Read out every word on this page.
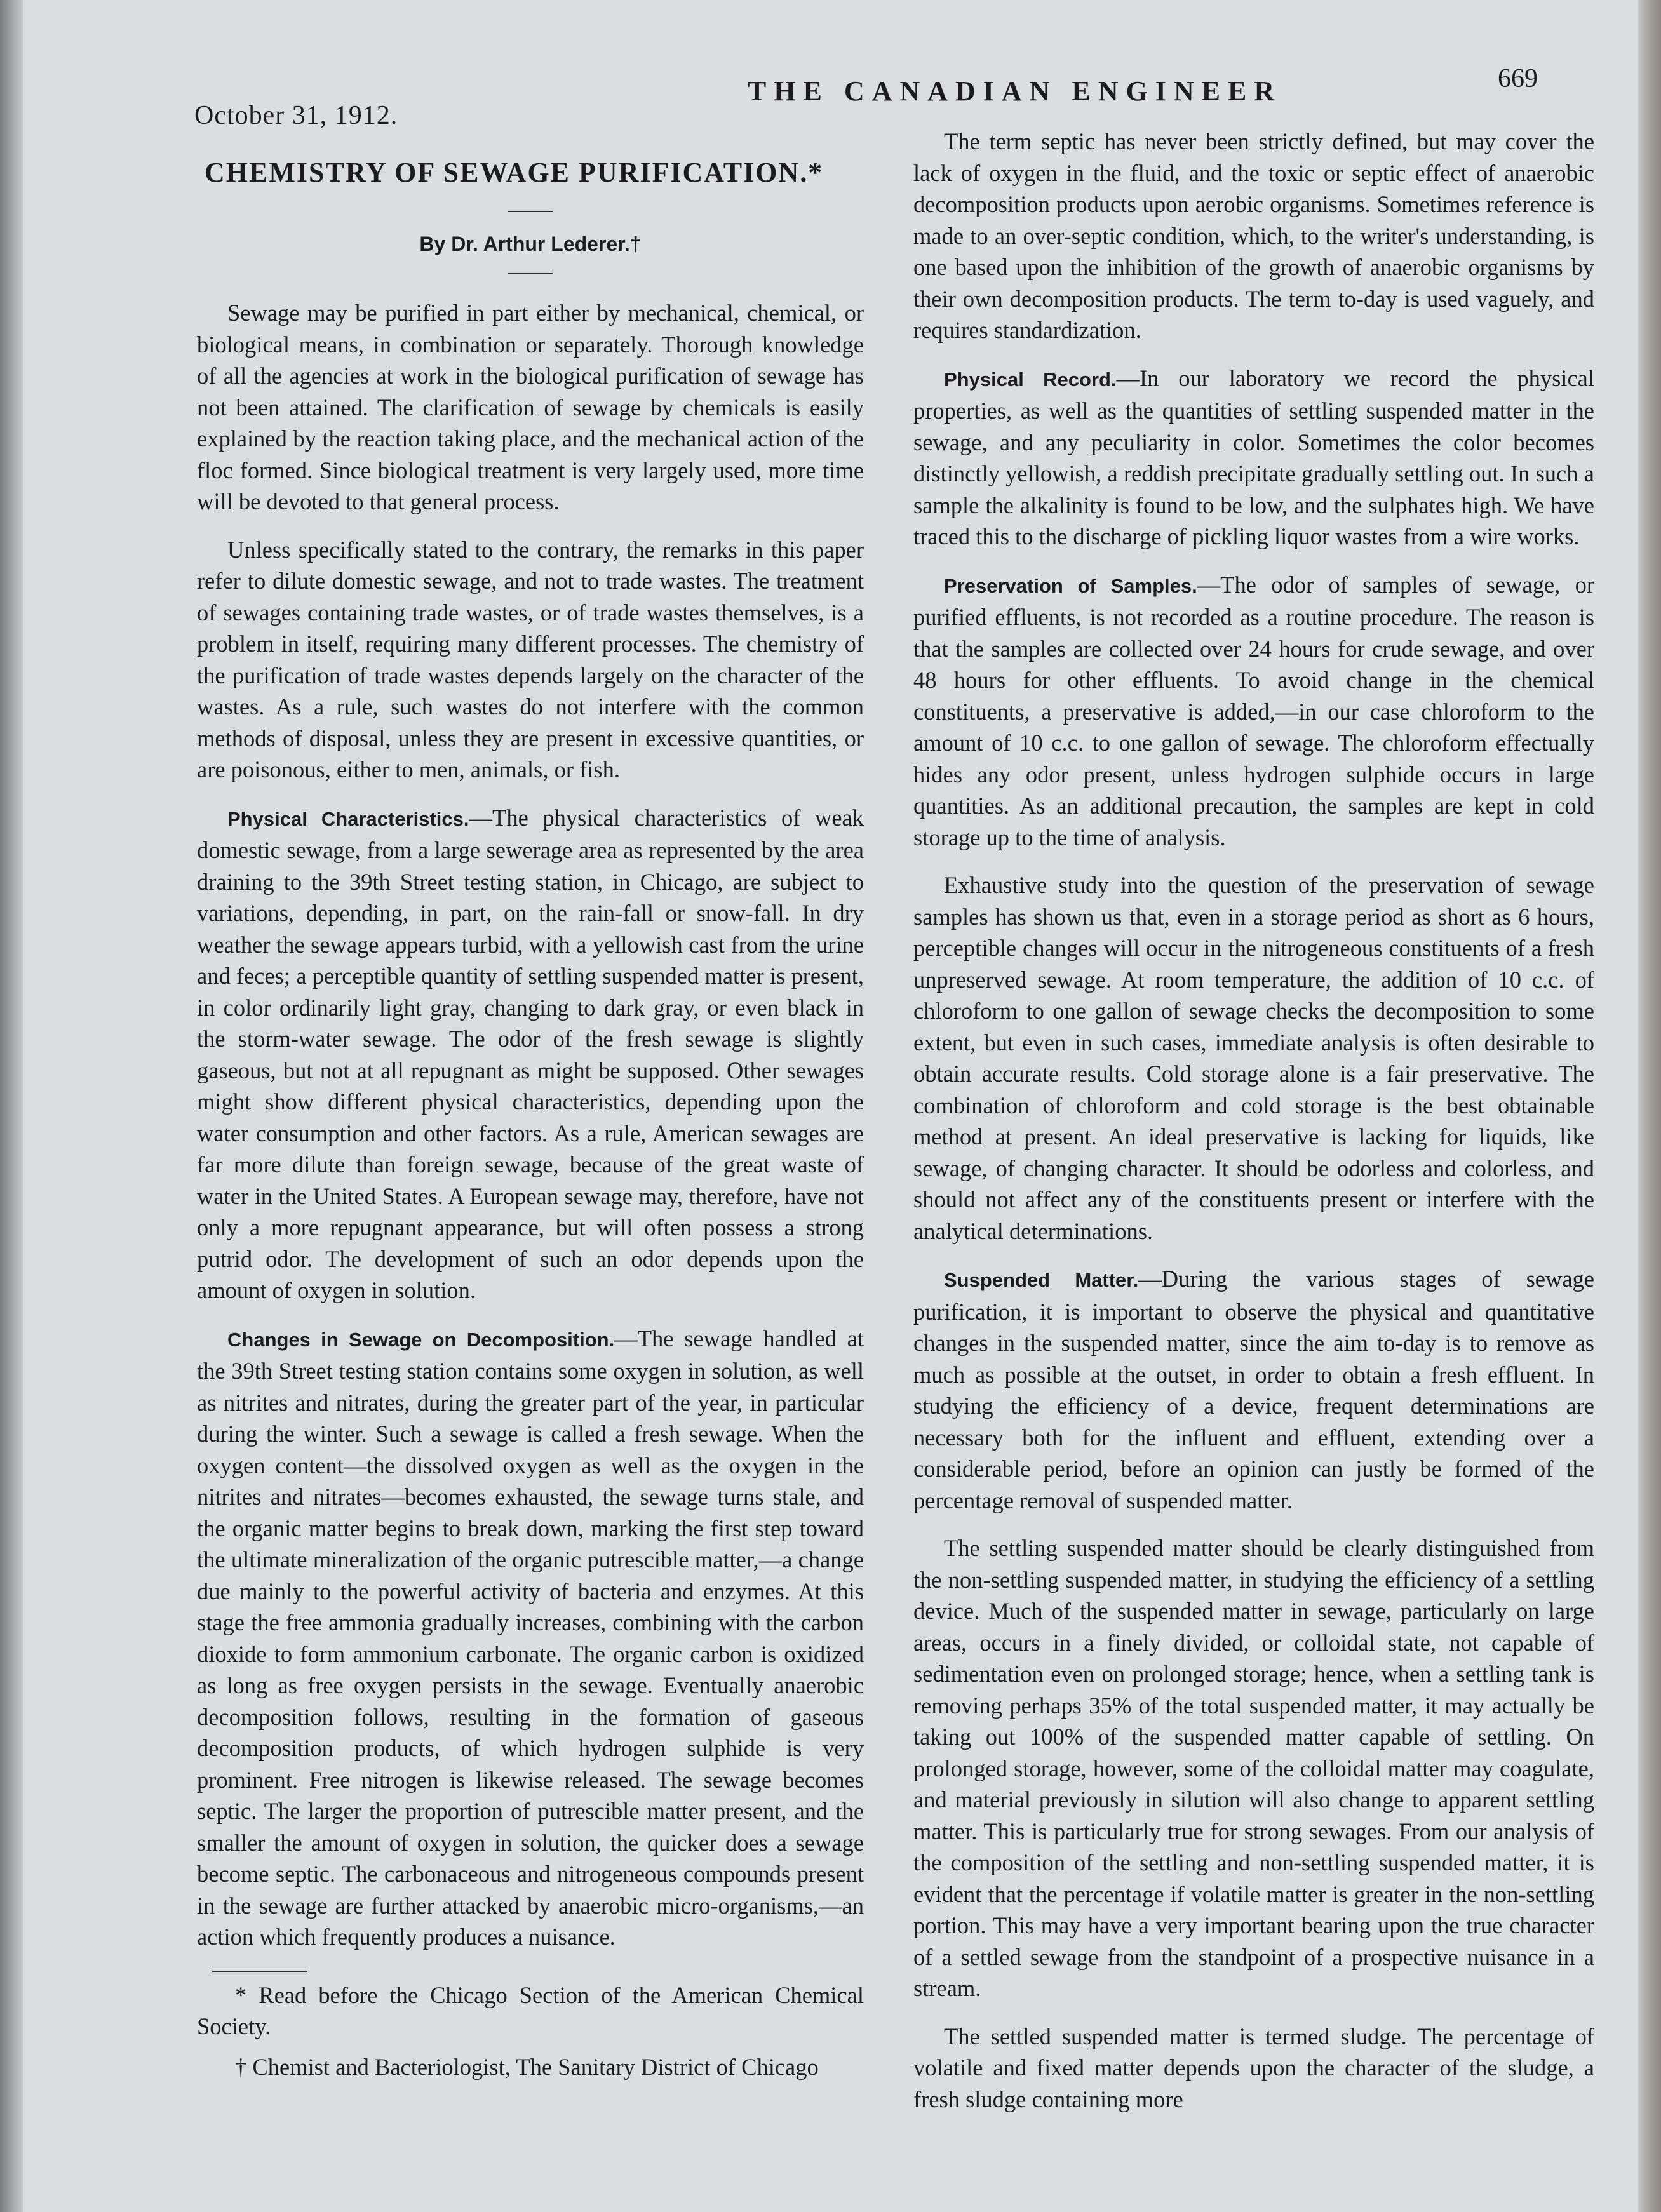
October 31, 1912.
THE CANADIAN ENGINEER	669
CHEMISTRY OF SEWAGE PURIFICATION.*
By Dr. Arthur Lederer.†

Sewage may be purified in part either by mechanical, chemical, or biological means, in combination or separately. Thorough knowledge of all the agencies at work in the biological purification of sewage has not been attained. The clarification of sewage by chemicals is easily explained by the reaction taking place, and the mechanical action of the floc formed. Since biological treatment is very largely used, more time will be devoted to that general process.

Unless specifically stated to the contrary, the remarks in this paper refer to dilute domestic sewage, and not to trade wastes. The treatment of sewages containing trade wastes, or of trade wastes themselves, is a problem in itself, requiring many different processes. The chemistry of the purification of trade wastes depends largely on the character of the wastes. As a rule, such wastes do not interfere with the common methods of disposal, unless they are present in excessive quantities, or are poisonous, either to men, animals, or fish.

Physical Characteristics.—The physical characteristics of weak domestic sewage, from a large sewerage area as represented by the area draining to the 39th Street testing station, in Chicago, are subject to variations, depending, in part, on the rain-fall or snow-fall. In dry weather the sewage appears turbid, with a yellowish cast from the urine and feces; a perceptible quantity of settling suspended matter is present, in color ordinarily light gray, changing to dark gray, or even black in the storm-water sewage. The odor of the fresh sewage is slightly gaseous, but not at all repugnant as might be supposed. Other sewages might show different physical characteristics, depending upon the water consumption and other factors. As a rule, American sewages are far more dilute than foreign sewage, because of the great waste of water in the United States. A European sewage may, therefore, have not only a more repugnant appearance, but will often possess a strong putrid odor. The development of such an odor depends upon the amount of oxygen in solution.

Changes in Sewage on Decomposition.—The sewage handled at the 39th Street testing station contains some oxygen in solution, as well as nitrites and nitrates, during the greater part of the year, in particular during the winter. Such a sewage is called a fresh sewage. When the oxygen content—the dissolved oxygen as well as the oxygen in the nitrites and nitrates—becomes exhausted, the sewage turns stale, and the organic matter begins to break down, marking the first step toward the ultimate mineralization of the organic putrescible matter,—a change due mainly to the powerful activity of bacteria and enzymes. At this stage the free ammonia gradually increases, combining with the carbon dioxide to form ammonium carbonate. The organic carbon is oxidized as long as free oxygen persists in the sewage. Eventually anaerobic decomposition follows, resulting in the formation of gaseous decomposition products, of which hydrogen sulphide is very prominent. Free nitrogen is likewise released. The sewage becomes septic. The larger the proportion of putrescible matter present, and the smaller the amount of oxygen in solution, the quicker does a sewage become septic. The carbonaceous and nitrogeneous compounds present in the sewage are further attacked by anaerobic micro-organisms,—an action which frequently produces a nuisance.

* Read before the Chicago Section of the American Chemical Society.

† Chemist and Bacteriologist, The Sanitary District of Chicago

The term septic has never been strictly defined, but may cover the lack of oxygen in the fluid, and the toxic or septic effect of anaerobic decomposition products upon aerobic organisms. Sometimes reference is made to an over-septic condition, which, to the writer's understanding, is one based upon the inhibition of the growth of anaerobic organisms by their own decomposition products. The term to-day is used vaguely, and requires standardization.

Physical Record.—In our laboratory we record the physical properties, as well as the quantities of settling suspended matter in the sewage, and any peculiarity in color. Sometimes the color becomes distinctly yellowish, a reddish precipitate gradually settling out. In such a sample the alkalinity is found to be low, and the sulphates high. We have traced this to the discharge of pickling liquor wastes from a wire works.

Preservation of Samples.—The odor of samples of sewage, or purified effluents, is not recorded as a routine procedure. The reason is that the samples are collected over 24 hours for crude sewage, and over 48 hours for other effluents. To avoid change in the chemical constituents, a preservative is added,—in our case chloroform to the amount of 10 c.c. to one gallon of sewage. The chloroform effectually hides any odor present, unless hydrogen sulphide occurs in large quantities. As an additional precaution, the samples are kept in cold storage up to the time of analysis.

Exhaustive study into the question of the preservation of sewage samples has shown us that, even in a storage period as short as 6 hours, perceptible changes will occur in the nitrogeneous constituents of a fresh unpreserved sewage. At room temperature, the addition of 10 c.c. of chloroform to one gallon of sewage checks the decomposition to some extent, but even in such cases, immediate analysis is often desirable to obtain accurate results. Cold storage alone is a fair preservative. The combination of chloroform and cold storage is the best obtainable method at present. An ideal preservative is lacking for liquids, like sewage, of changing character. It should be odorless and colorless, and should not affect any of the constituents present or interfere with the analytical determinations.

Suspended Matter.—During the various stages of sewage purification, it is important to observe the physical and quantitative changes in the suspended matter, since the aim to-day is to remove as much as possible at the outset, in order to obtain a fresh effluent. In studying the efficiency of a device, frequent determinations are necessary both for the influent and effluent, extending over a considerable period, before an opinion can justly be formed of the percentage removal of suspended matter.

The settling suspended matter should be clearly distinguished from the non-settling suspended matter, in studying the efficiency of a settling device. Much of the suspended matter in sewage, particularly on large areas, occurs in a finely divided, or colloidal state, not capable of sedimentation even on prolonged storage; hence, when a settling tank is removing perhaps 35% of the total suspended matter, it may actually be taking out 100% of the suspended matter capable of settling. On prolonged storage, however, some of the colloidal matter may coagulate, and material previously in silution will also change to apparent settling matter. This is particularly true for strong sewages. From our analysis of the composition of the settling and non-settling suspended matter, it is evident that the percentage if volatile matter is greater in the non-settling portion. This may have a very important bearing upon the true character of a settled sewage from the standpoint of a prospective nuisance in a stream.

The settled suspended matter is termed sludge. The percentage of volatile and fixed matter depends upon the character of the sludge, a fresh sludge containing more
